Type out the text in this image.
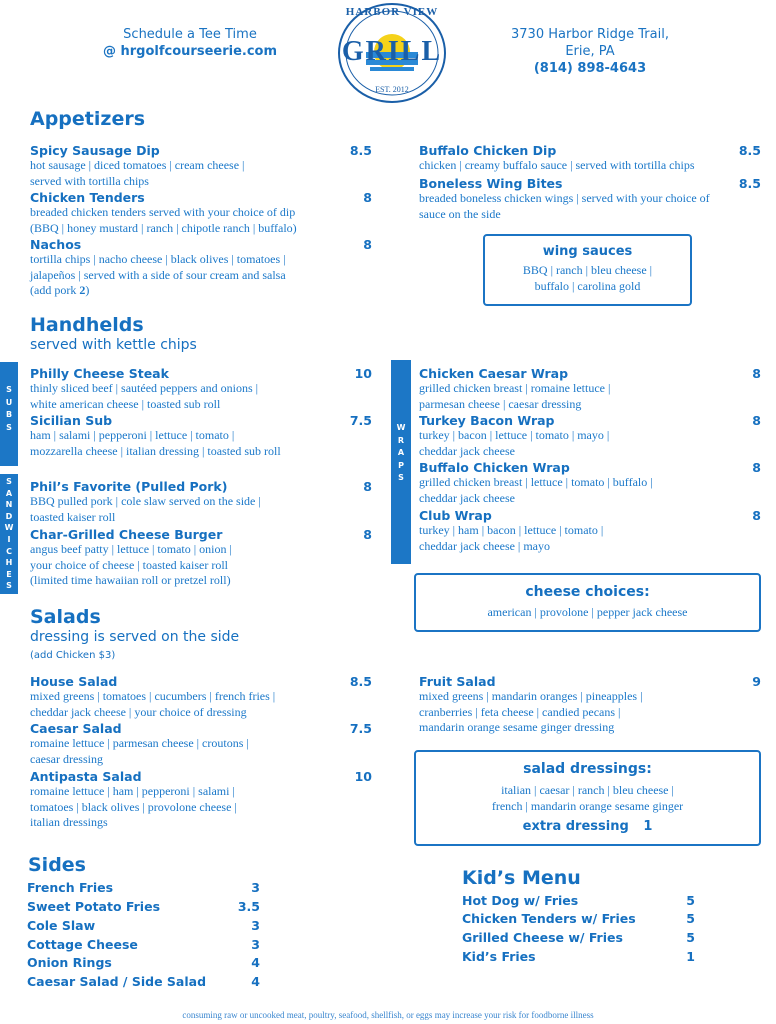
Schedule a Tee Time
@ hrgolfcourseerie.com
3730 Harbor Ridge Trail,
Erie, PA
(814) 898-4643
HARBOR VIEW
GRILL
EST. 2012
Appetizers
Spicy Sausage Dip	8.5
hot sausage | diced tomatoes | cream cheese |
served with tortilla chips
Chicken Tenders	8
breaded chicken tenders served with your choice of dip
(BBQ | honey mustard | ranch | chipotle ranch | buffalo)
Nachos	8
tortilla chips | nacho cheese | black olives | tomatoes |
jalapeños | served with a side of sour cream and salsa
(add pork 2)
Buffalo Chicken Dip	8.5
chicken | creamy buffalo sauce | served with tortilla chips
Boneless Wing Bites	8.5
breaded boneless chicken wings | served with your choice of
sauce on the side
wing sauces
BBQ | ranch | bleu cheese |
buffalo | carolina gold
Handhelds
served with kettle chips
S
U
B
S
S
A
N
D
W
I
C
H
E
S
W
R
A
P
S
Philly Cheese Steak	10
thinly sliced beef | sautéed peppers and onions |
white american cheese | toasted sub roll
Sicilian Sub	7.5
ham | salami | pepperoni | lettuce | tomato |
mozzarella cheese | italian dressing | toasted sub roll
Phil’s Favorite (Pulled Pork)	8
BBQ pulled pork | cole slaw served on the side |
toasted kaiser roll
Char-Grilled Cheese Burger	8
angus beef patty | lettuce | tomato | onion |
your choice of cheese | toasted kaiser roll
(limited time hawaiian roll or pretzel roll)
Chicken Caesar Wrap	8
grilled chicken breast | romaine lettuce |
parmesan cheese | caesar dressing
Turkey Bacon Wrap	8
turkey | bacon | lettuce | tomato | mayo |
cheddar jack cheese
Buffalo Chicken Wrap	8
grilled chicken breast | lettuce | tomato | buffalo |
cheddar jack cheese
Club Wrap	8
turkey | ham | bacon | lettuce | tomato |
cheddar jack cheese | mayo
cheese choices:
american | provolone | pepper jack cheese
Salads
dressing is served on the side
(add Chicken $3)
House Salad	8.5
mixed greens | tomatoes | cucumbers | french fries |
cheddar jack cheese | your choice of dressing
Caesar Salad	7.5
romaine lettuce | parmesan cheese | croutons |
caesar dressing
Antipasta Salad	10
romaine lettuce | ham | pepperoni | salami |
tomatoes | black olives | provolone cheese |
italian dressings
Fruit Salad	9
mixed greens | mandarin oranges | pineapples |
cranberries | feta cheese | candied pecans |
mandarin orange sesame ginger dressing
salad dressings:
italian | caesar | ranch | bleu cheese |
french | mandarin orange sesame ginger
extra dressing 1
Sides
French Fries	3
Sweet Potato Fries	3.5
Cole Slaw	3
Cottage Cheese	3
Onion Rings	4
Caesar Salad / Side Salad	4
Kid’s Menu
Hot Dog w/ Fries	5
Chicken Tenders w/ Fries	5
Grilled Cheese w/ Fries	5
Kid’s Fries	1
consuming raw or uncooked meat, poultry, seafood, shellfish, or eggs may increase your risk for foodborne illness
